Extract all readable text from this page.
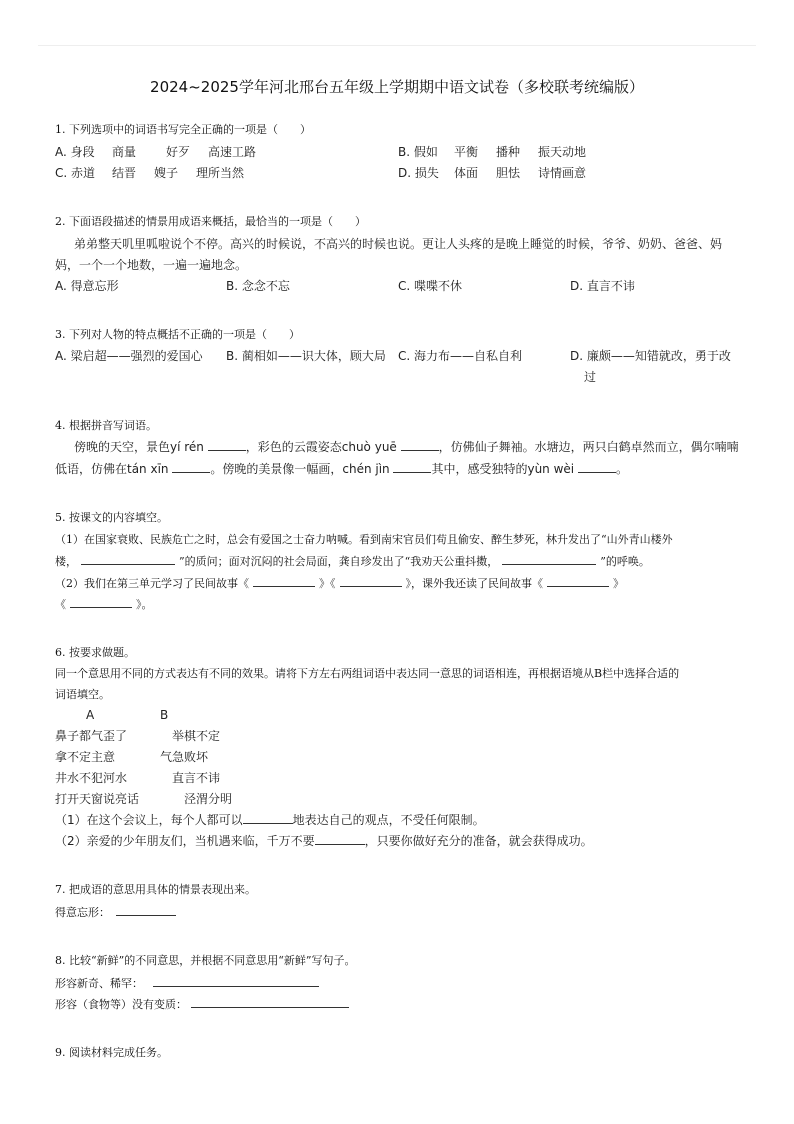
2024~2025学年河北邢台五年级上学期期中语文试卷（多校联考统编版）
1. 下列选项中的词语书写完全正确的一项是（　　）
A. 身段 商量 好歹 高速工路	B. 假如 平衡 播种 振天动地
C. 赤道 结晋 嫂子 理所当然	D. 损失 体面 胆怯 诗情画意
2. 下面语段描述的情景用成语来概括，最恰当的一项是（　　）
弟弟整天叽里呱啦说个不停。高兴的时候说，不高兴的时候也说。更让人头疼的是晚上睡觉的时候，爷爷、奶奶、爸爸、妈
妈，一个一个地数，一遍一遍地念。
A. 得意忘形	B. 念念不忘	C. 喋喋不休	D. 直言不讳
3. 下列对人物的特点概括不正确的一项是（　　）
A. 梁启超——强烈的爱国心 B. 蔺相如——识大体，顾大局 C. 海力布——自私自利	D. 廉颇——知错就改，勇于改
过
4. 根据拼音写词语。
傍晚的天空，景色yí rén	，彩色的云霞姿态chuò yuē	，仿佛仙子舞袖。水塘边，两只白鹤卓然而立，偶尔喃喃
低语，仿佛在tán xīn	。傍晚的美景像一幅画，chén jìn	其中，感受独特的yùn wèi	。
5. 按课文的内容填空。
（1）在国家衰败、民族危亡之时，总会有爱国之士奋力呐喊。看到南宋官员们苟且偷安、醉生梦死，林升发出了“山外青山楼外
楼，	”的质问；面对沉闷的社会局面，龚自珍发出了“我劝天公重抖擞，	”的呼唤。
（2）我们在第三单元学习了民间故事《	》《	》，课外我还读了民间故事《	》
《	》。
6. 按要求做题。
同一个意思用不同的方式表达有不同的效果。请将下方左右两组词语中表达同一意思的词语相连，再根据语境从B栏中选择合适的
词语填空。
A	B
鼻子都气歪了	举棋不定
拿不定主意	气急败坏
井水不犯河水	直言不讳
打开天窗说亮话	泾渭分明
（1）在这个会议上，每个人都可以	地表达自己的观点，不受任何限制。
（2）亲爱的少年朋友们，当机遇来临，千万不要	，只要你做好充分的准备，就会获得成功。
7. 把成语的意思用具体的情景表现出来。
得意忘形：
8. 比较“新鲜”的不同意思，并根据不同意思用“新鲜”写句子。
形容新奇、稀罕：
形容（食物等）没有变质：
9. 阅读材料完成任务。
